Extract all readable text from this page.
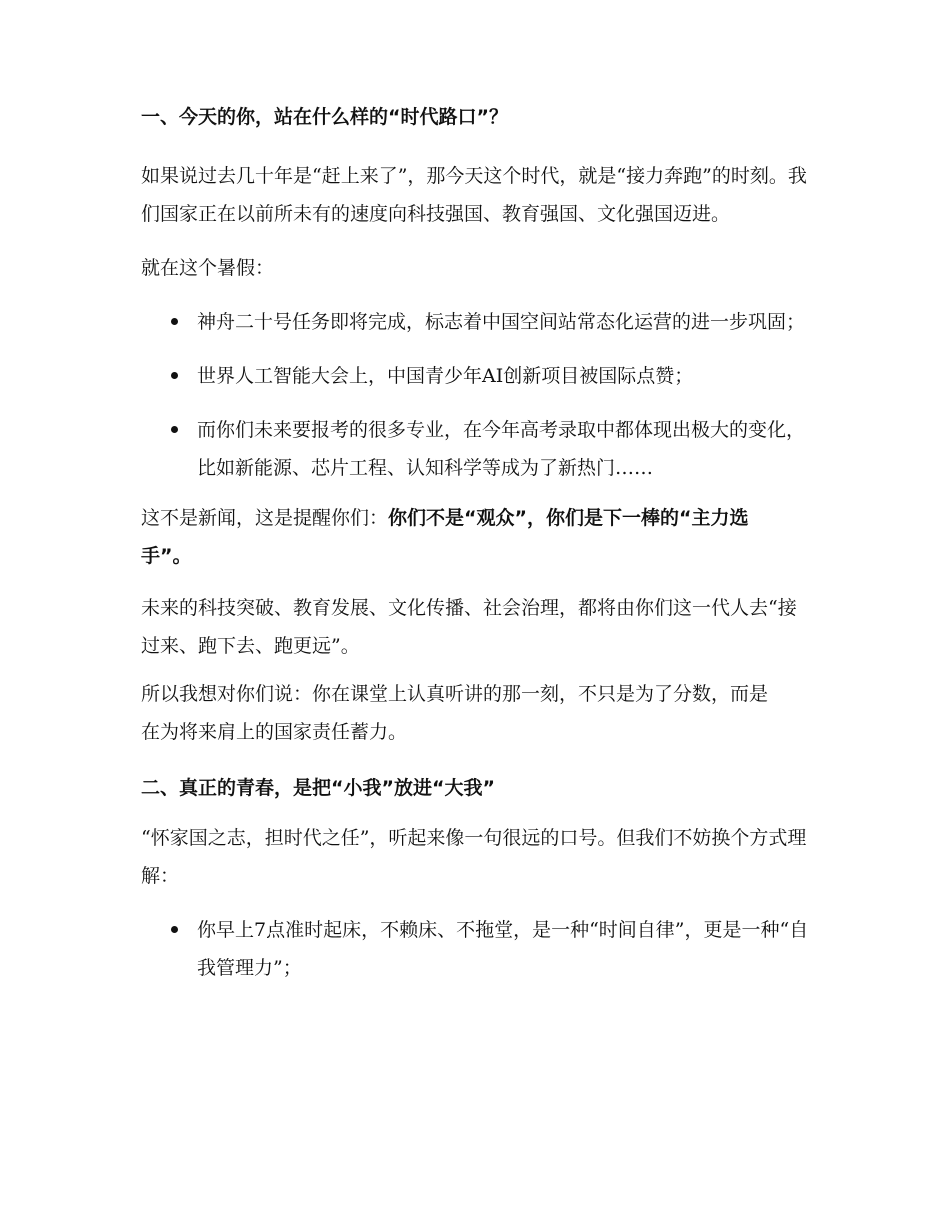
一、今天的你，站在什么样的“时代路口”？

如果说过去几十年是“赶上来了”，那今天这个时代，就是“接力奔跑”的时刻。我们国家正在以前所未有的速度向科技强国、教育强国、文化强国迈进。

就在这个暑假：

神舟二十号任务即将完成，标志着中国空间站常态化运营的进一步巩固；
世界人工智能大会上，中国青少年AI创新项目被国际点赞；
而你们未来要报考的很多专业，在今年高考录取中都体现出极大的变化，比如新能源、芯片工程、认知科学等成为了新热门……

这不是新闻，这是提醒你们：你们不是“观众”，你们是下一棒的“主力选手”。

未来的科技突破、教育发展、文化传播、社会治理，都将由你们这一代人去“接过来、跑下去、跑更远”。

所以我想对你们说：你在课堂上认真听讲的那一刻，不只是为了分数，而是在为将来肩上的国家责任蓄力。

二、真正的青春，是把“小我”放进“大我”

“怀家国之志，担时代之任”，听起来像一句很远的口号。但我们不妨换个方式理解：

你早上7点准时起床，不赖床、不拖堂，是一种“时间自律”，更是一种“自我管理力”；
